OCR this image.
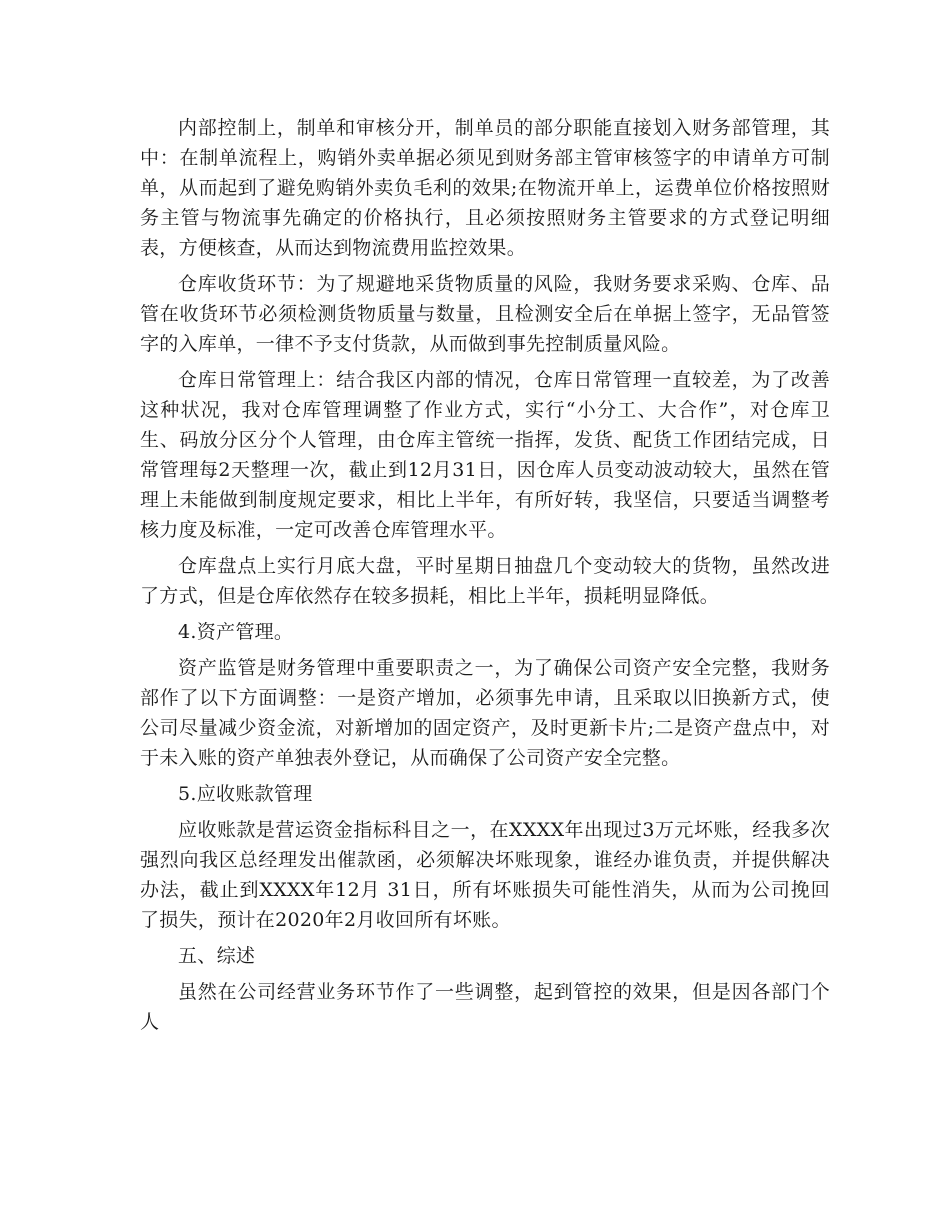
内部控制上，制单和审核分开，制单员的部分职能直接划入财务部管理，其中：在制单流程上，购销外卖单据必须见到财务部主管审核签字的申请单方可制单，从而起到了避免购销外卖负毛利的效果;在物流开单上，运费单位价格按照财务主管与物流事先确定的价格执行，且必须按照财务主管要求的方式登记明细表，方便核查，从而达到物流费用监控效果。

仓库收货环节：为了规避地采货物质量的风险，我财务要求采购、仓库、品管在收货环节必须检测货物质量与数量，且检测安全后在单据上签字，无品管签字的入库单，一律不予支付货款，从而做到事先控制质量风险。

仓库日常管理上：结合我区内部的情况，仓库日常管理一直较差，为了改善这种状况，我对仓库管理调整了作业方式，实行“小分工、大合作”，对仓库卫生、码放分区分个人管理，由仓库主管统一指挥，发货、配货工作团结完成，日常管理每2天整理一次，截止到12月31日，因仓库人员变动波动较大，虽然在管理上未能做到制度规定要求，相比上半年，有所好转，我坚信，只要适当调整考核力度及标准，一定可改善仓库管理水平。

仓库盘点上实行月底大盘，平时星期日抽盘几个变动较大的货物，虽然改进了方式，但是仓库依然存在较多损耗，相比上半年，损耗明显降低。

4.资产管理。

资产监管是财务管理中重要职责之一，为了确保公司资产安全完整，我财务部作了以下方面调整：一是资产增加，必须事先申请，且采取以旧换新方式，使公司尽量减少资金流，对新增加的固定资产，及时更新卡片;二是资产盘点中，对于未入账的资产单独表外登记，从而确保了公司资产安全完整。

5.应收账款管理

应收账款是营运资金指标科目之一，在XXXX年出现过3万元坏账，经我多次强烈向我区总经理发出催款函，必须解决坏账现象，谁经办谁负责，并提供解决办法，截止到XXXX年12月 31日，所有坏账损失可能性消失，从而为公司挽回了损失，预计在2020年2月收回所有坏账。

五、综述

虽然在公司经营业务环节作了一些调整，起到管控的效果，但是因各部门个人
